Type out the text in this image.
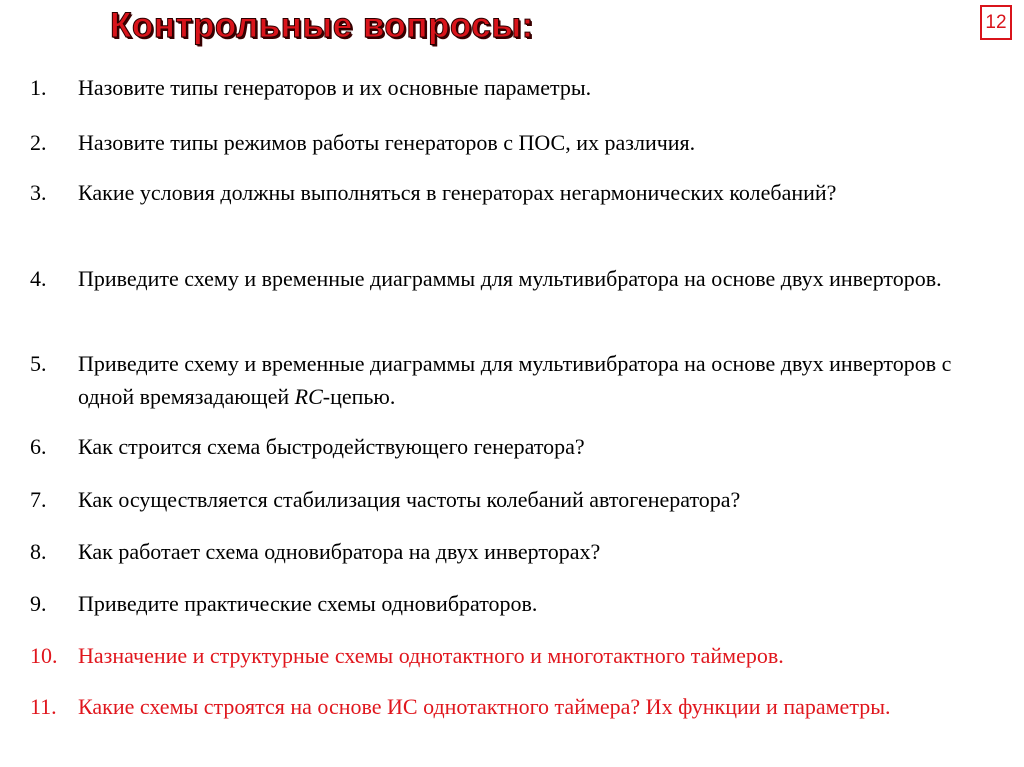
Контрольные вопросы:	12
1.	Назовите типы генераторов и их основные параметры.
2.	Назовите типы режимов работы генераторов с ПОС, их различия.
3.	Какие условия должны выполняться в генераторах негармонических колебаний?
4.	Приведите схему и временные диаграммы для мультивибратора на основе двух инверторов.
5.	Приведите схему и временные диаграммы для мультивибратора на основе двух инверторов с одной времязадающей RC-цепью.
6.	Как строится схема быстродействующего генератора?
7.	Как осуществляется стабилизация частоты колебаний автогенератора?
8.	Как работает схема одновибратора на двух инверторах?
9.	Приведите практические схемы одновибраторов.
10. Назначение и структурные схемы однотактного и многотактного таймеров.
11. Какие схемы строятся на основе ИС однотактного таймера? Их функции и параметры.
